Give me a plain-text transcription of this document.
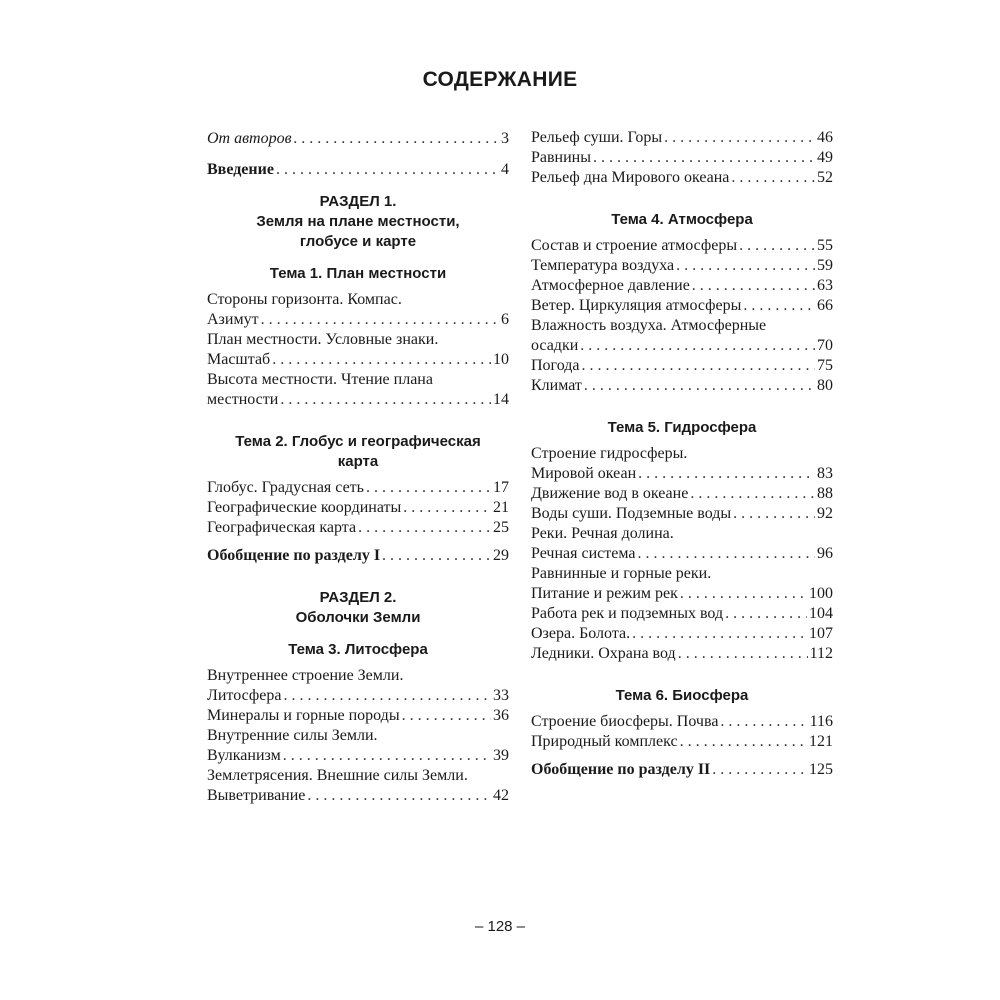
СОДЕРЖАНИЕ
От авторов . . .	3
Введение . . .	4
РАЗДЕЛ 1.
Земля на плане местности,
глобусе и карте
Тема 1. План местности
Стороны горизонта. Компас.
Азимут . . .	6
План местности. Условные знаки.
Масштаб . . .	10
Высота местности. Чтение плана
местности . . .	14
Тема 2. Глобус и географическая
карта
Глобус. Градусная сеть . . .	17
Географические координаты . . .	21
Географическая карта . . .	25
Обобщение по разделу I . . .	29
РАЗДЕЛ 2.
Оболочки Земли
Тема 3. Литосфера
Внутреннее строение Земли.
Литосфера . . .	33
Минералы и горные породы . . .	36
Внутренние силы Земли.
Вулканизм . . .	39
Землетрясения. Внешние силы Земли.
Выветривание . . .	42
Рельеф суши. Горы . . .	46
Равнины . . .	49
Рельеф дна Мирового океана . . .	52
Тема 4. Атмосфера
Состав и строение атмосферы . . .	55
Температура воздуха . . .	59
Атмосферное давление . . .	63
Ветер. Циркуляция атмосферы . . .	66
Влажность воздуха. Атмосферные
осадки . . .	70
Погода . . .	75
Климат . . .	80
Тема 5. Гидросфера
Строение гидросферы.
Мировой океан . . .	83
Движение вод в океане . . .	88
Воды суши. Подземные воды . . .	92
Реки. Речная долина.
Речная система . . .	96
Равнинные и горные реки.
Питание и режим рек . . .	100
Работа рек и подземных вод . . .	104
Озера. Болота. . . .	107
Ледники. Охрана вод . . .	112
Тема 6. Биосфера
Строение биосферы. Почва . . .	116
Природный комплекс . . .	121
Обобщение по разделу II . . .	125
– 128 –
